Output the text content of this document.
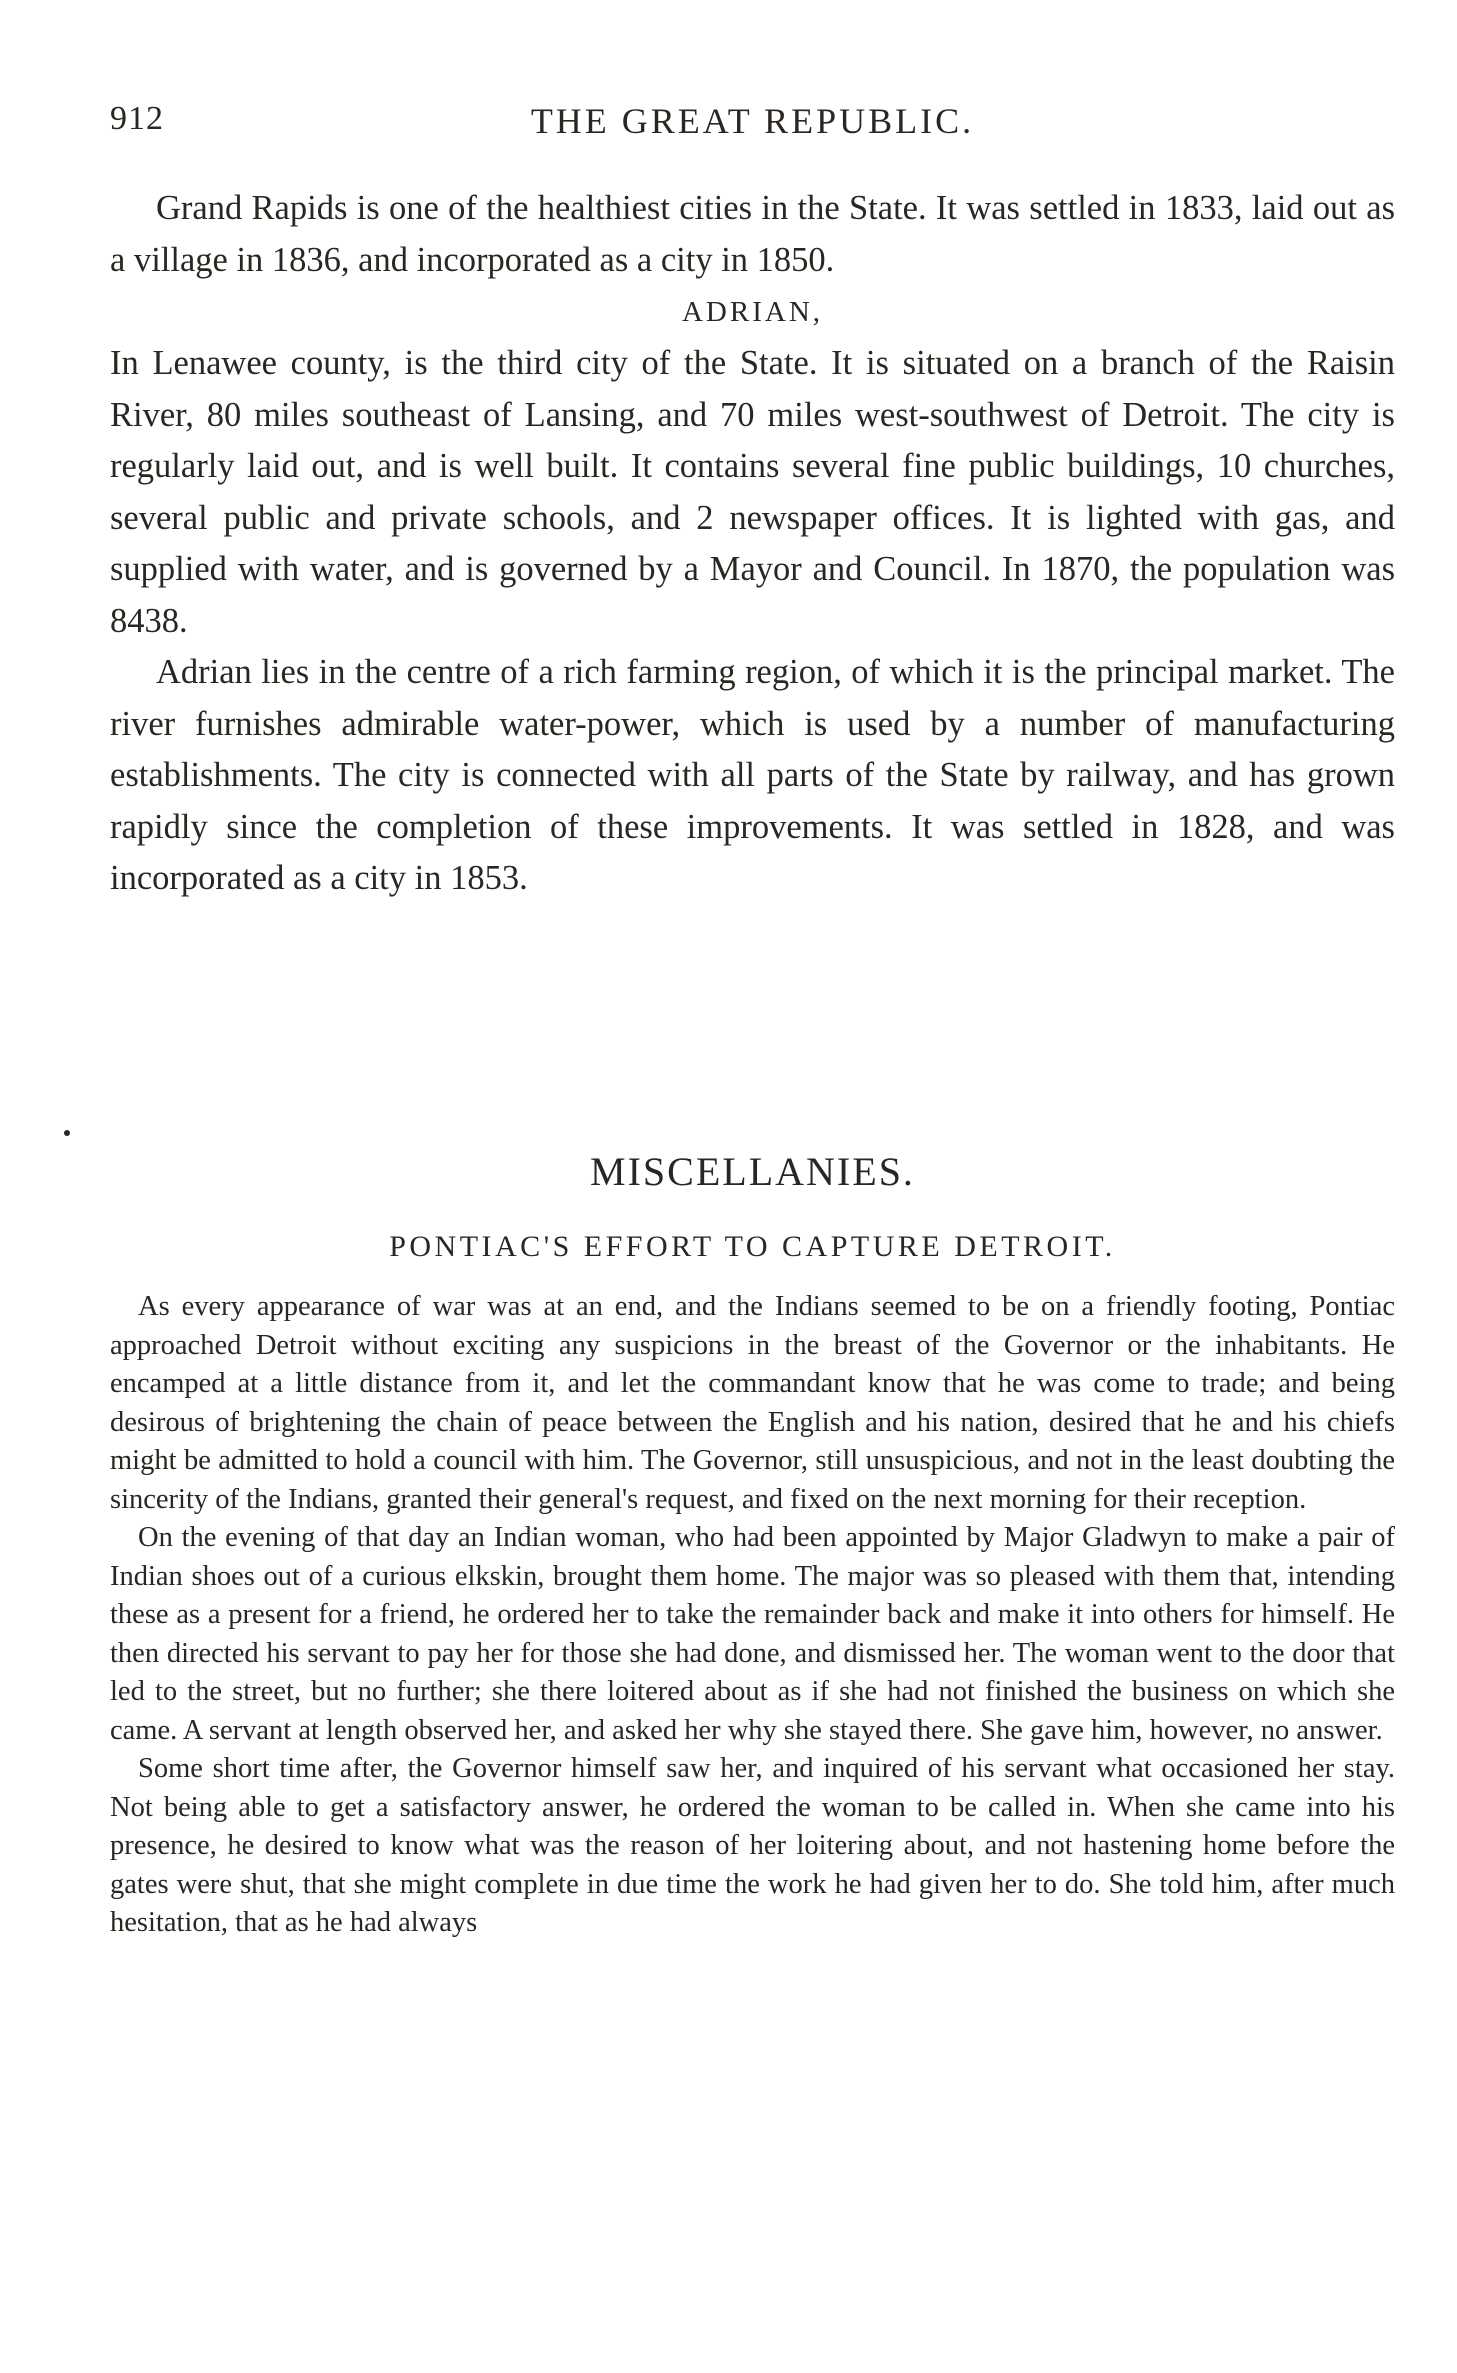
912	THE GREAT REPUBLIC.

Grand Rapids is one of the healthiest cities in the State. It was settled in 1833, laid out as a village in 1836, and incorporated as a city in 1850.

ADRIAN,

In Lenawee county, is the third city of the State. It is situated on a branch of the Raisin River, 80 miles southeast of Lansing, and 70 miles west-southwest of Detroit. The city is regularly laid out, and is well built. It contains several fine public buildings, 10 churches, several public and private schools, and 2 newspaper offices. It is lighted with gas, and supplied with water, and is governed by a Mayor and Council. In 1870, the population was 8438.

Adrian lies in the centre of a rich farming region, of which it is the principal market. The river furnishes admirable water-power, which is used by a number of manufacturing establishments. The city is connected with all parts of the State by railway, and has grown rapidly since the completion of these improvements. It was settled in 1828, and was incorporated as a city in 1853.

MISCELLANIES.
PONTIAC'S EFFORT TO CAPTURE DETROIT.

As every appearance of war was at an end, and the Indians seemed to be on a friendly footing, Pontiac approached Detroit without exciting any suspicions in the breast of the Governor or the inhabitants. He encamped at a little distance from it, and let the commandant know that he was come to trade; and being desirous of brightening the chain of peace between the English and his nation, desired that he and his chiefs might be admitted to hold a council with him. The Governor, still unsuspicious, and not in the least doubting the sincerity of the Indians, granted their general's request, and fixed on the next morning for their reception.

On the evening of that day an Indian woman, who had been appointed by Major Gladwyn to make a pair of Indian shoes out of a curious elkskin, brought them home. The major was so pleased with them that, intending these as a present for a friend, he ordered her to take the remainder back and make it into others for himself. He then directed his servant to pay her for those she had done, and dismissed her. The woman went to the door that led to the street, but no further; she there loitered about as if she had not finished the business on which she came. A servant at length observed her, and asked her why she stayed there. She gave him, however, no answer.

Some short time after, the Governor himself saw her, and inquired of his servant what occasioned her stay. Not being able to get a satisfactory answer, he ordered the woman to be called in. When she came into his presence, he desired to know what was the reason of her loitering about, and not hastening home before the gates were shut, that she might complete in due time the work he had given her to do. She told him, after much hesitation, that as he had always
